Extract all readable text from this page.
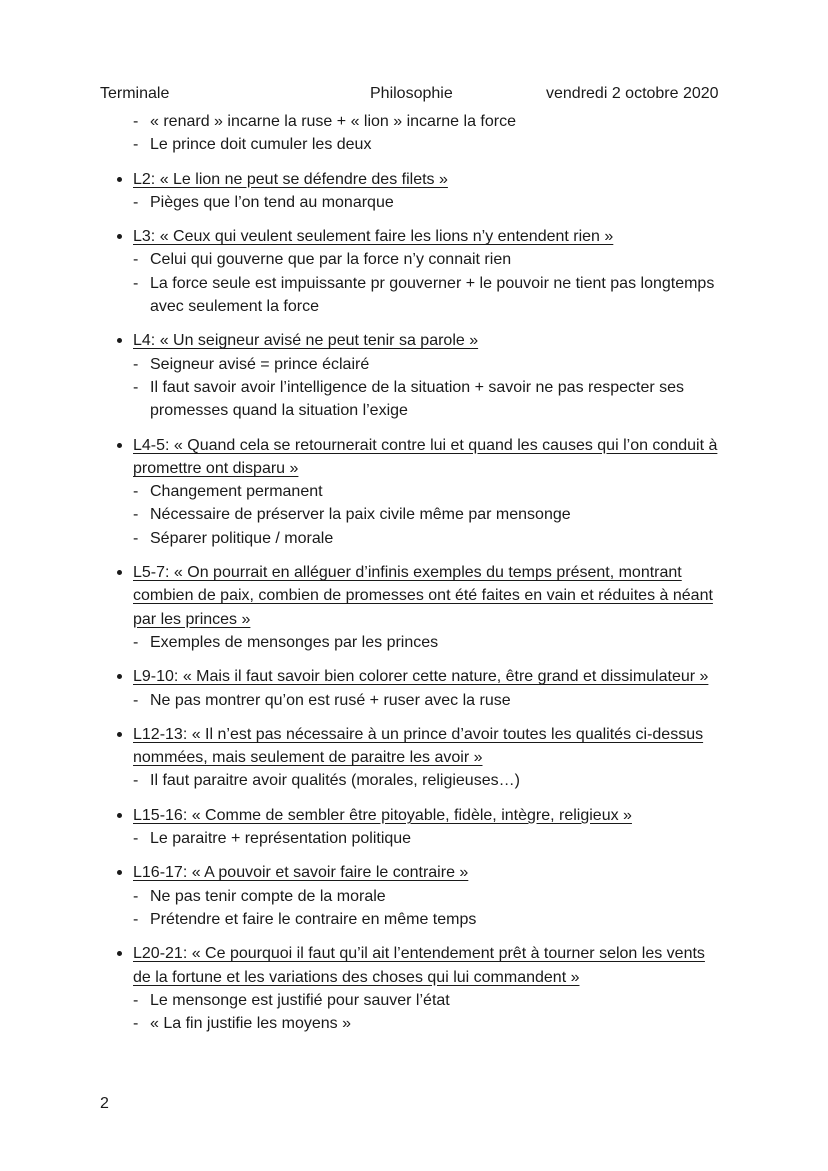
Terminale	Philosophie	vendredi 2 octobre 2020
- « renard » incarne la ruse + « lion » incarne la force
- Le prince doit cumuler les deux
L2: « Le lion ne peut se défendre des filets »
- Pièges que l’on tend au monarque
L3: « Ceux qui veulent seulement faire les lions n’y entendent rien »
- Celui qui gouverne que par la force n’y connait rien
- La force seule est impuissante pr gouverner + le pouvoir ne tient pas longtemps avec seulement la force
L4: « Un seigneur avisé ne peut tenir sa parole »
- Seigneur avisé = prince éclairé
- Il faut savoir avoir l’intelligence de la situation + savoir ne pas respecter ses promesses quand la situation l’exige
L4-5: « Quand cela se retournerait contre lui et quand les causes qui l’on conduit à promettre ont disparu »
- Changement permanent
- Nécessaire de préserver la paix civile même par mensonge
- Séparer politique / morale
L5-7: « On pourrait en alléguer d’infinis exemples du temps présent, montrant combien de paix, combien de promesses ont été faites en vain et réduites à néant par les princes »
- Exemples de mensonges par les princes
L9-10: « Mais il faut savoir bien colorer cette nature, être grand et dissimulateur »
- Ne pas montrer qu’on est rusé + ruser avec la ruse
L12-13: « Il n’est pas nécessaire à un prince d’avoir toutes les qualités ci-dessus nommées, mais seulement de paraitre les avoir »
- Il faut paraitre avoir qualités (morales, religieuses…)
L15-16: « Comme de sembler être pitoyable, fidèle, intègre, religieux »
- Le paraitre + représentation politique
L16-17: « A pouvoir et savoir faire le contraire »
- Ne pas tenir compte de la morale
- Prétendre et faire le contraire en même temps
L20-21: « Ce pourquoi il faut qu’il ait l’entendement prêt à tourner selon les vents de la fortune et les variations des choses qui lui commandent »
- Le mensonge est justifié pour sauver l’état
- « La fin justifie les moyens »
2
